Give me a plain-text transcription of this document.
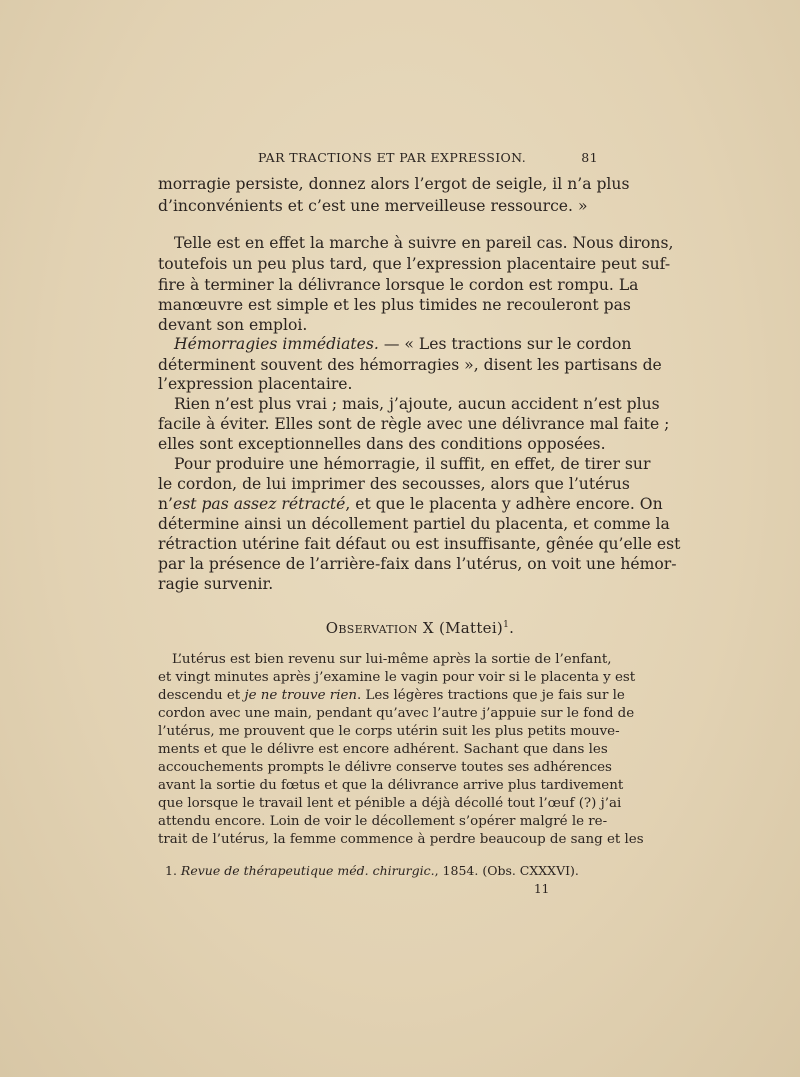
PAR TRACTIONS ET PAR EXPRESSION.	81
morragie persiste, donnez alors l’ergot de seigle, il n’a plus
d’inconvénients et c’est une merveilleuse ressource. »
Telle est en effet la marche à suivre en pareil cas. Nous dirons,
toutefois un peu plus tard, que l’expression placentaire peut suf-
fire à terminer la délivrance lorsque le cordon est rompu. La
manœuvre est simple et les plus timides ne recouleront pas
devant son emploi.
Hémorragies immédiates. — « Les tractions sur le cordon
déterminent souvent des hémorragies », disent les partisans de
l’expression placentaire.
Rien n’est plus vrai ; mais, j’ajoute, aucun accident n’est plus
facile à éviter. Elles sont de règle avec une délivrance mal faite ;
elles sont exceptionnelles dans des conditions opposées.
Pour produire une hémorragie, il suffit, en effet, de tirer sur
le cordon, de lui imprimer des secousses, alors que l’utérus
n’est pas assez rétracté, et que le placenta y adhère encore. On
détermine ainsi un décollement partiel du placenta, et comme la
rétraction utérine fait défaut ou est insuffisante, gênée qu’elle est
par la présence de l’arrière-faix dans l’utérus, on voit une hémor-
ragie survenir.
Observation X (Mattei)$^1$.
L’utérus est bien revenu sur lui-même après la sortie de l’enfant,
et vingt minutes après j’examine le vagin pour voir si le placenta y est
descendu et je ne trouve rien. Les légères tractions que je fais sur le
cordon avec une main, pendant qu’avec l’autre j’appuie sur le fond de
l’utérus, me prouvent que le corps utérin suit les plus petits mouve-
ments et que le délivre est encore adhérent. Sachant que dans les
accouchements prompts le délivre conserve toutes ses adhérences
avant la sortie du fœtus et que la délivrance arrive plus tardivement
que lorsque le travail lent et pénible a déjà décollé tout l’œuf (?) j’ai
attendu encore. Loin de voir le décollement s’opérer malgré le re-
trait de l’utérus, la femme commence à perdre beaucoup de sang et les
1. Revue de thérapeutique méd. chirurgic., 1854. (Obs. CXXXVI).
11
